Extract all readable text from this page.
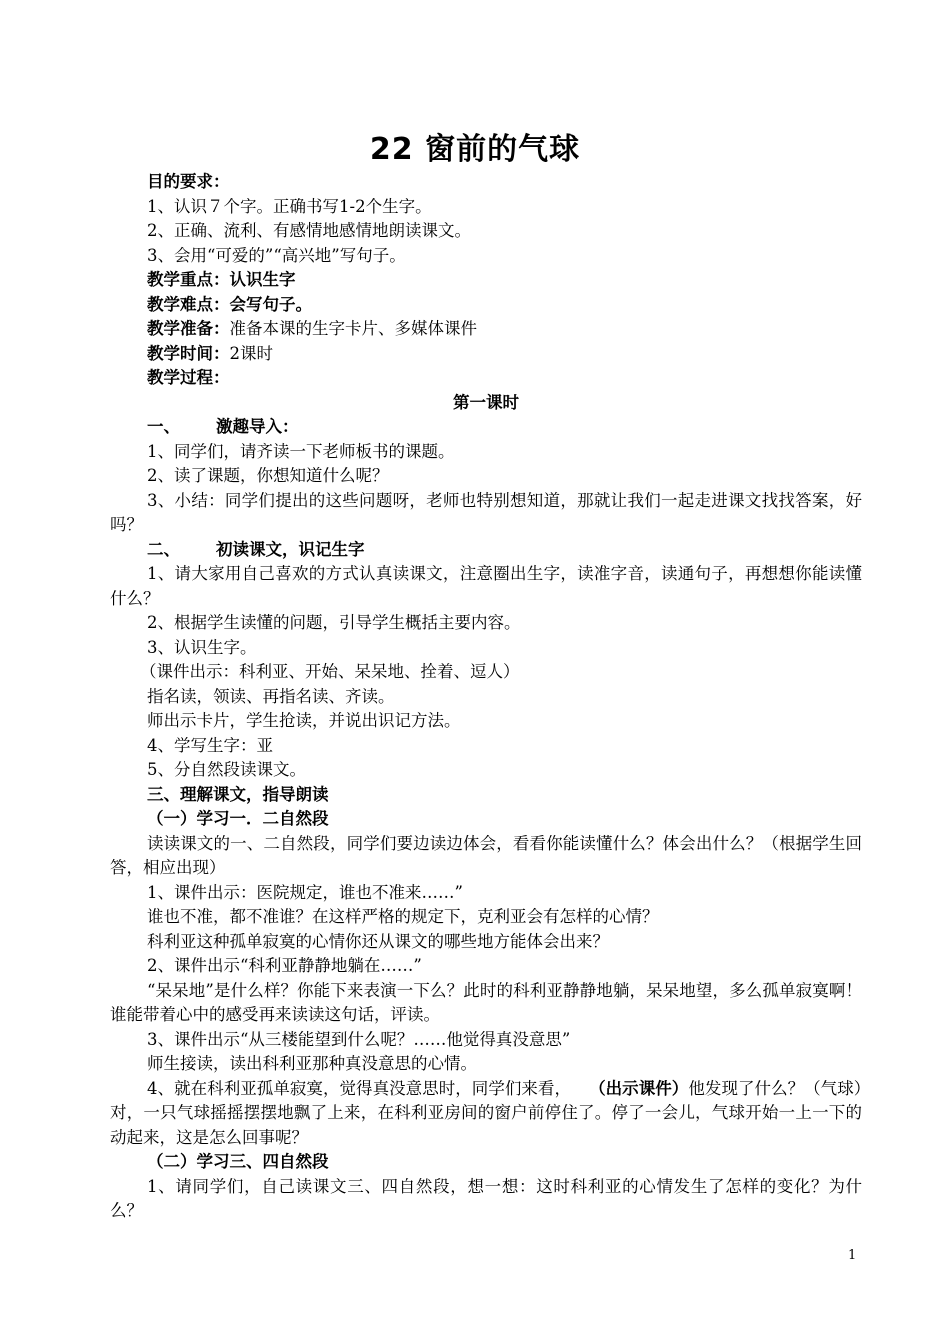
22 窗前的气球

目的要求：

1、认识７个字。正确书写1-2个生字。

2、正确、流利、有感情地感情地朗读课文。

3、会用“可爱的”“高兴地”写句子。

教学重点：认识生字

教学难点：会写句子。

教学准备：准备本课的生字卡片、多媒体课件

教学时间：2课时

教学过程：

第一课时

一、 激趣导入：

1、同学们，请齐读一下老师板书的课题。

2、读了课题，你想知道什么呢？

3、小结：同学们提出的这些问题呀，老师也特别想知道，那就让我们一起走进课文找找答案，好吗？

二、 初读课文，识记生字

1、请大家用自己喜欢的方式认真读课文，注意圈出生字，读准字音，读通句子，再想想你能读懂什么？

2、根据学生读懂的问题，引导学生概括主要内容。

3、认识生字。

（课件出示：科利亚、开始、呆呆地、拴着、逗人）

指名读，领读、再指名读、齐读。

师出示卡片，学生抢读，并说出识记方法。

4、学写生字：亚

5、分自然段读课文。

三、理解课文，指导朗读

（一）学习一．二自然段

读读课文的一、二自然段，同学们要边读边体会，看看你能读懂什么？体会出什么？（根据学生回答，相应出现）

1、课件出示：医院规定，谁也不准来……”

谁也不准，都不准谁？在这样严格的规定下，克利亚会有怎样的心情？

科利亚这种孤单寂寞的心情你还从课文的哪些地方能体会出来？

2、课件出示“科利亚静静地躺在……”

“呆呆地”是什么样？你能下来表演一下么？此时的科利亚静静地躺，呆呆地望，多么孤单寂寞啊！谁能带着心中的感受再来读读这句话，评读。

3、课件出示“从三楼能望到什么呢？……他觉得真没意思”

师生接读，读出科利亚那种真没意思的心情。

4、就在科利亚孤单寂寞，觉得真没意思时，同学们来看， （出示课件）他发现了什么？（气球）对，一只气球摇摇摆摆地飘了上来，在科利亚房间的窗户前停住了。停了一会儿，气球开始一上一下的动起来，这是怎么回事呢？

（二）学习三、四自然段

1、请同学们，自己读课文三、四自然段，想一想：这时科利亚的心情发生了怎样的变化？为什么？

1
